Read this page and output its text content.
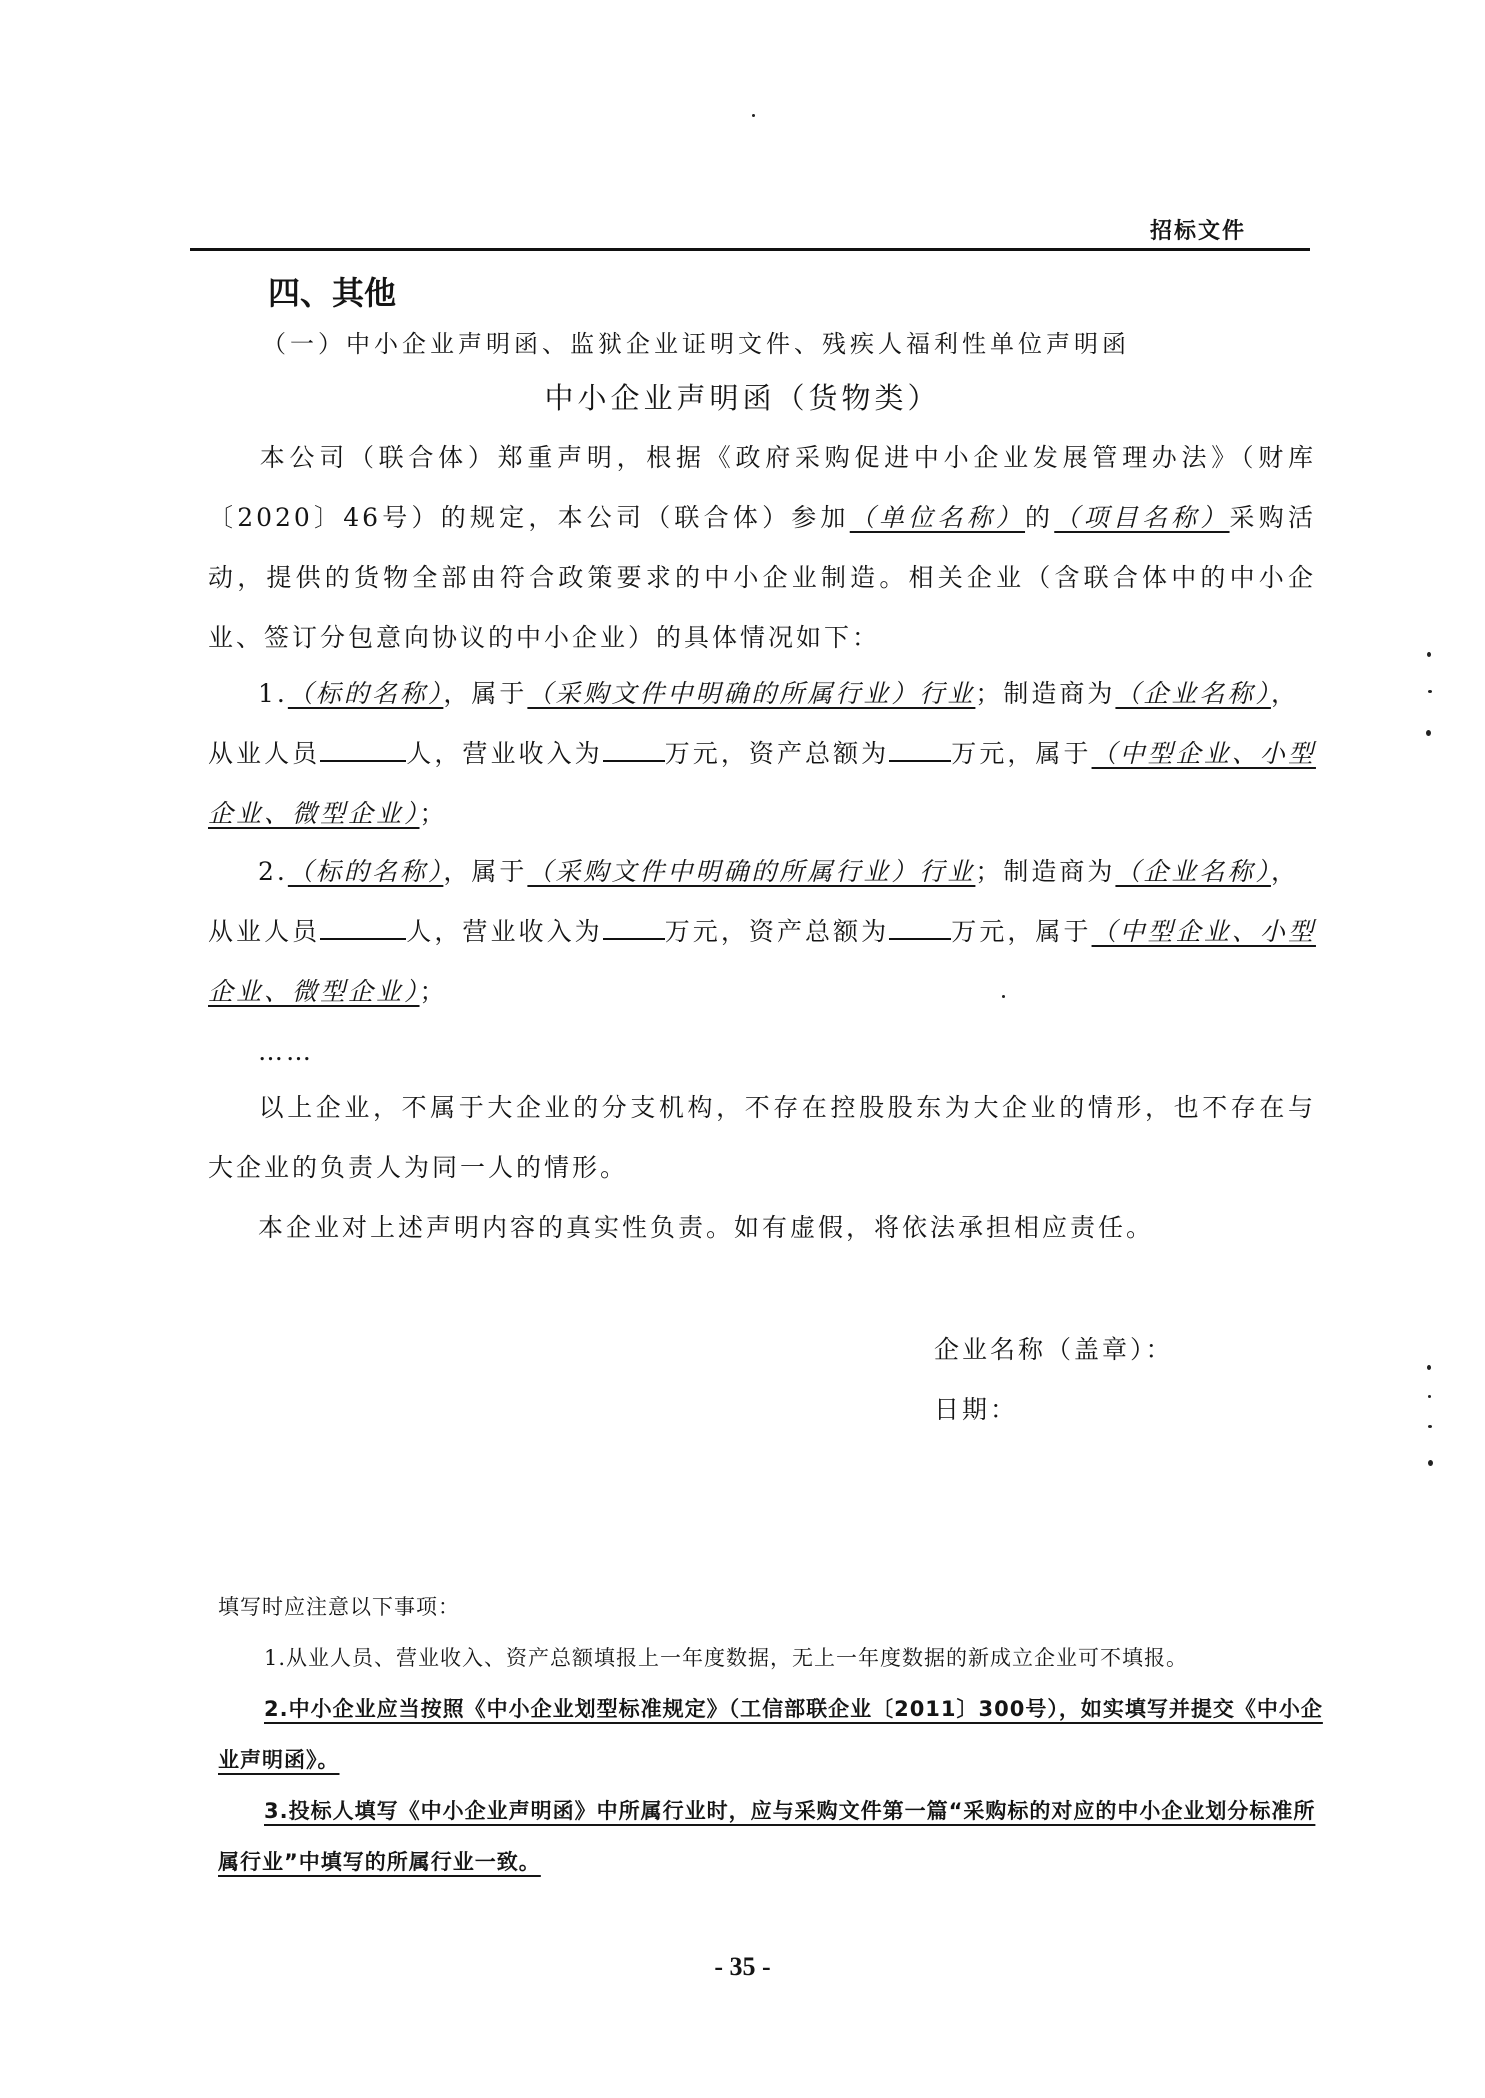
招标文件
四、其他
（一）中小企业声明函、监狱企业证明文件、残疾人福利性单位声明函
中小企业声明函（货物类）
本公司（联合体）郑重声明，根据《政府采购促进中小企业发展管理办法》（财库〔2020〕46号）的规定，本公司（联合体）参加（单位名称）的（项目名称）采购活动，提供的货物全部由符合政策要求的中小企业制造。相关企业（含联合体中的中小企业、签订分包意向协议的中小企业）的具体情况如下：
1.（标的名称），属于（采购文件中明确的所属行业）行业；制造商为（企业名称），
从业人员	人，营业收入为 万元，资产总额为 万元，属于（中型企业、小型企业、微型企业）；
2.（标的名称），属于（采购文件中明确的所属行业）行业；制造商为（企业名称），
从业人员	人，营业收入为 万元，资产总额为 万元，属于（中型企业、小型企业、微型企业）；
……
以上企业，不属于大企业的分支机构，不存在控股股东为大企业的情形，也不存在与大企业的负责人为同一人的情形。
本企业对上述声明内容的真实性负责。如有虚假，将依法承担相应责任。
企业名称（盖章）：
日期：
填写时应注意以下事项：
1.从业人员、营业收入、资产总额填报上一年度数据，无上一年度数据的新成立企业可不填报。
2.中小企业应当按照《中小企业划型标准规定》（工信部联企业〔2011〕300号），如实填写并提交《中小企业声明函》。
3.投标人填写《中小企业声明函》中所属行业时，应与采购文件第一篇“采购标的对应的中小企业划分标准所属行业”中填写的所属行业一致。
- 35 -
